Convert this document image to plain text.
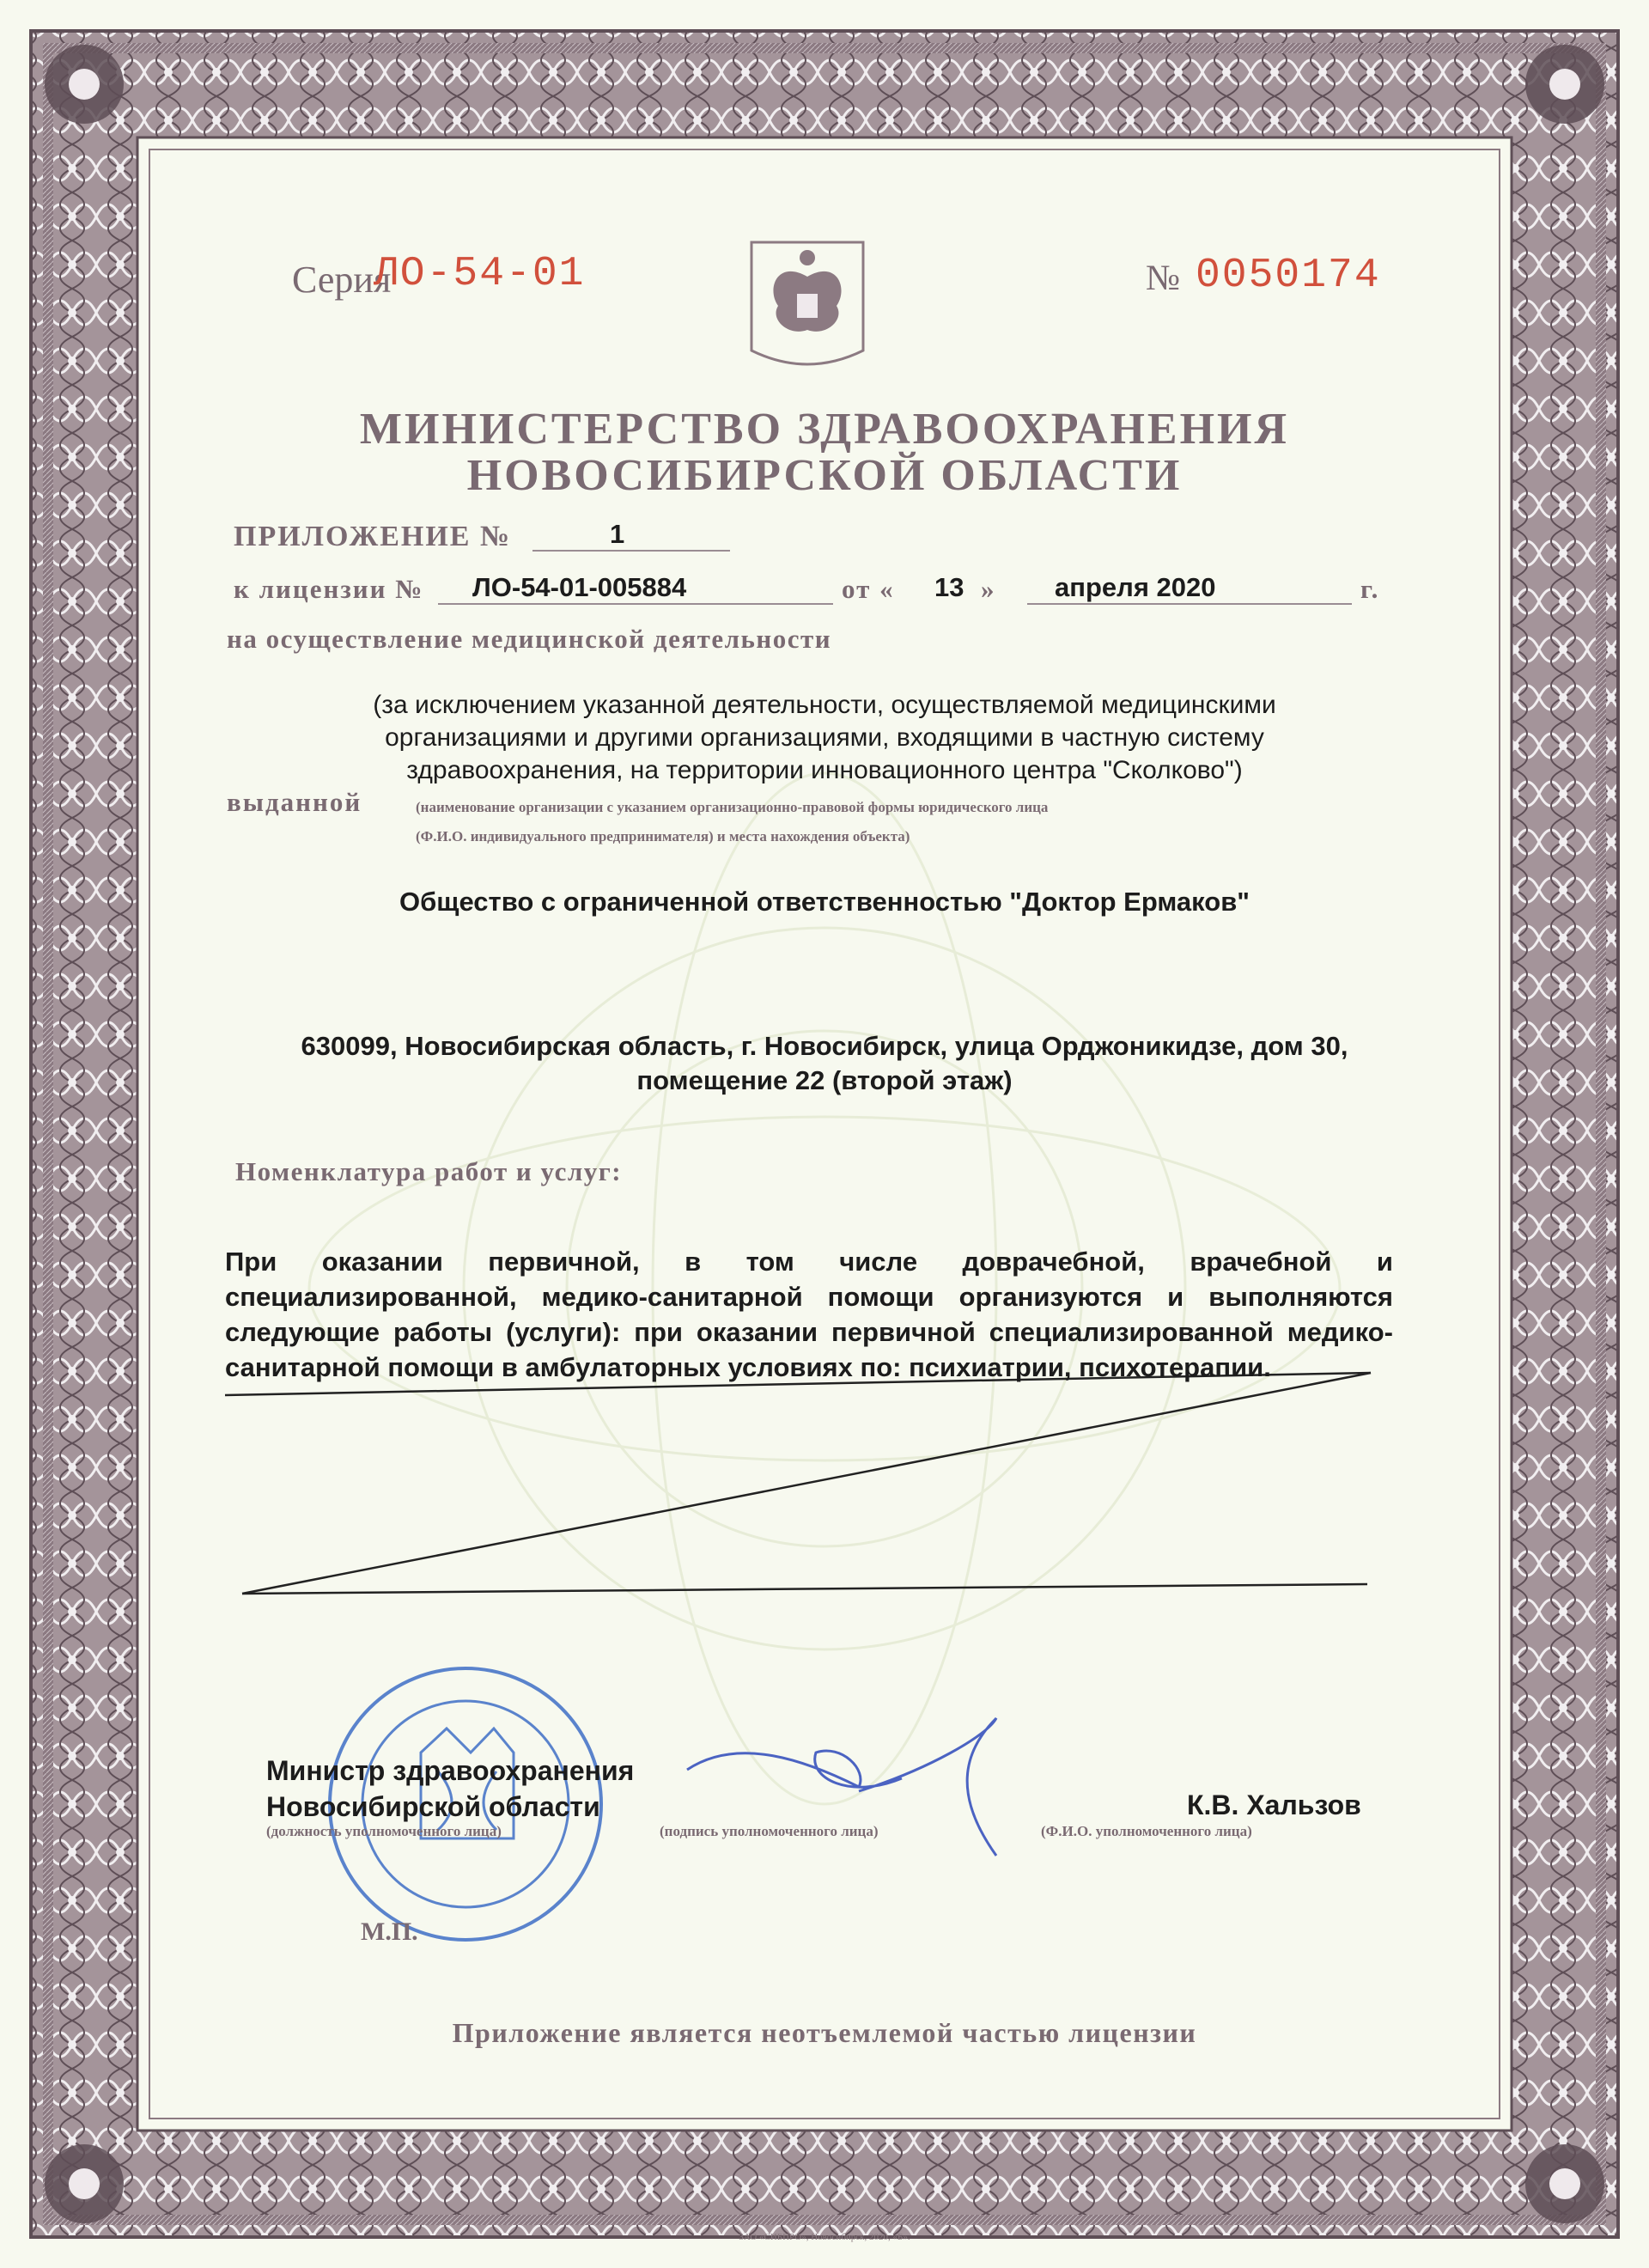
Серия
ЛО-54-01	№ 0050174
МИНИСТЕРСТВО ЗДРАВООХРАНЕНИЯ
НОВОСИБИРСКОЙ ОБЛАСТИ
ПРИЛОЖЕНИЕ №	1
к лицензии № ЛО-54-01-005884	от « 13 » апреля 2020	г.
на осуществление медицинской деятельности
(за исключением указанной деятельности, осуществляемой медицинскими
организациями и другими организациями, входящими в частную систему
здравоохранения, на территории инновационного центра "Сколково")
выданной	(наименование организации с указанием организационно-правовой формы юридического лица
(Ф.И.О. индивидуального предпринимателя) и места нахождения объекта)
Общество с ограниченной ответственностью "Доктор Ермаков"
630099, Новосибирская область, г. Новосибирск, улица Орджоникидзе, дом 30,
помещение 22 (второй этаж)
Номенклатура работ и услуг:
При оказании первичной, в том числе доврачебной, врачебной и
специализированной, медико-санитарной помощи организуются и выполняются
следующие работы (услуги): при оказании первичной специализированной медико-
санитарной помощи в амбулаторных условиях по: психиатрии, психотерапии.
Министр здравоохранения
Новосибирской области
(должность уполномоченного лица)	(подпись уполномоченного лица)
К.В. Хальзов
(Ф.И.О. уполномоченного лица)
М.П.
Приложение является неотъемлемой частью лицензии
ЗАО «СИБПРО», Новосибирск, 2020, «Б».
